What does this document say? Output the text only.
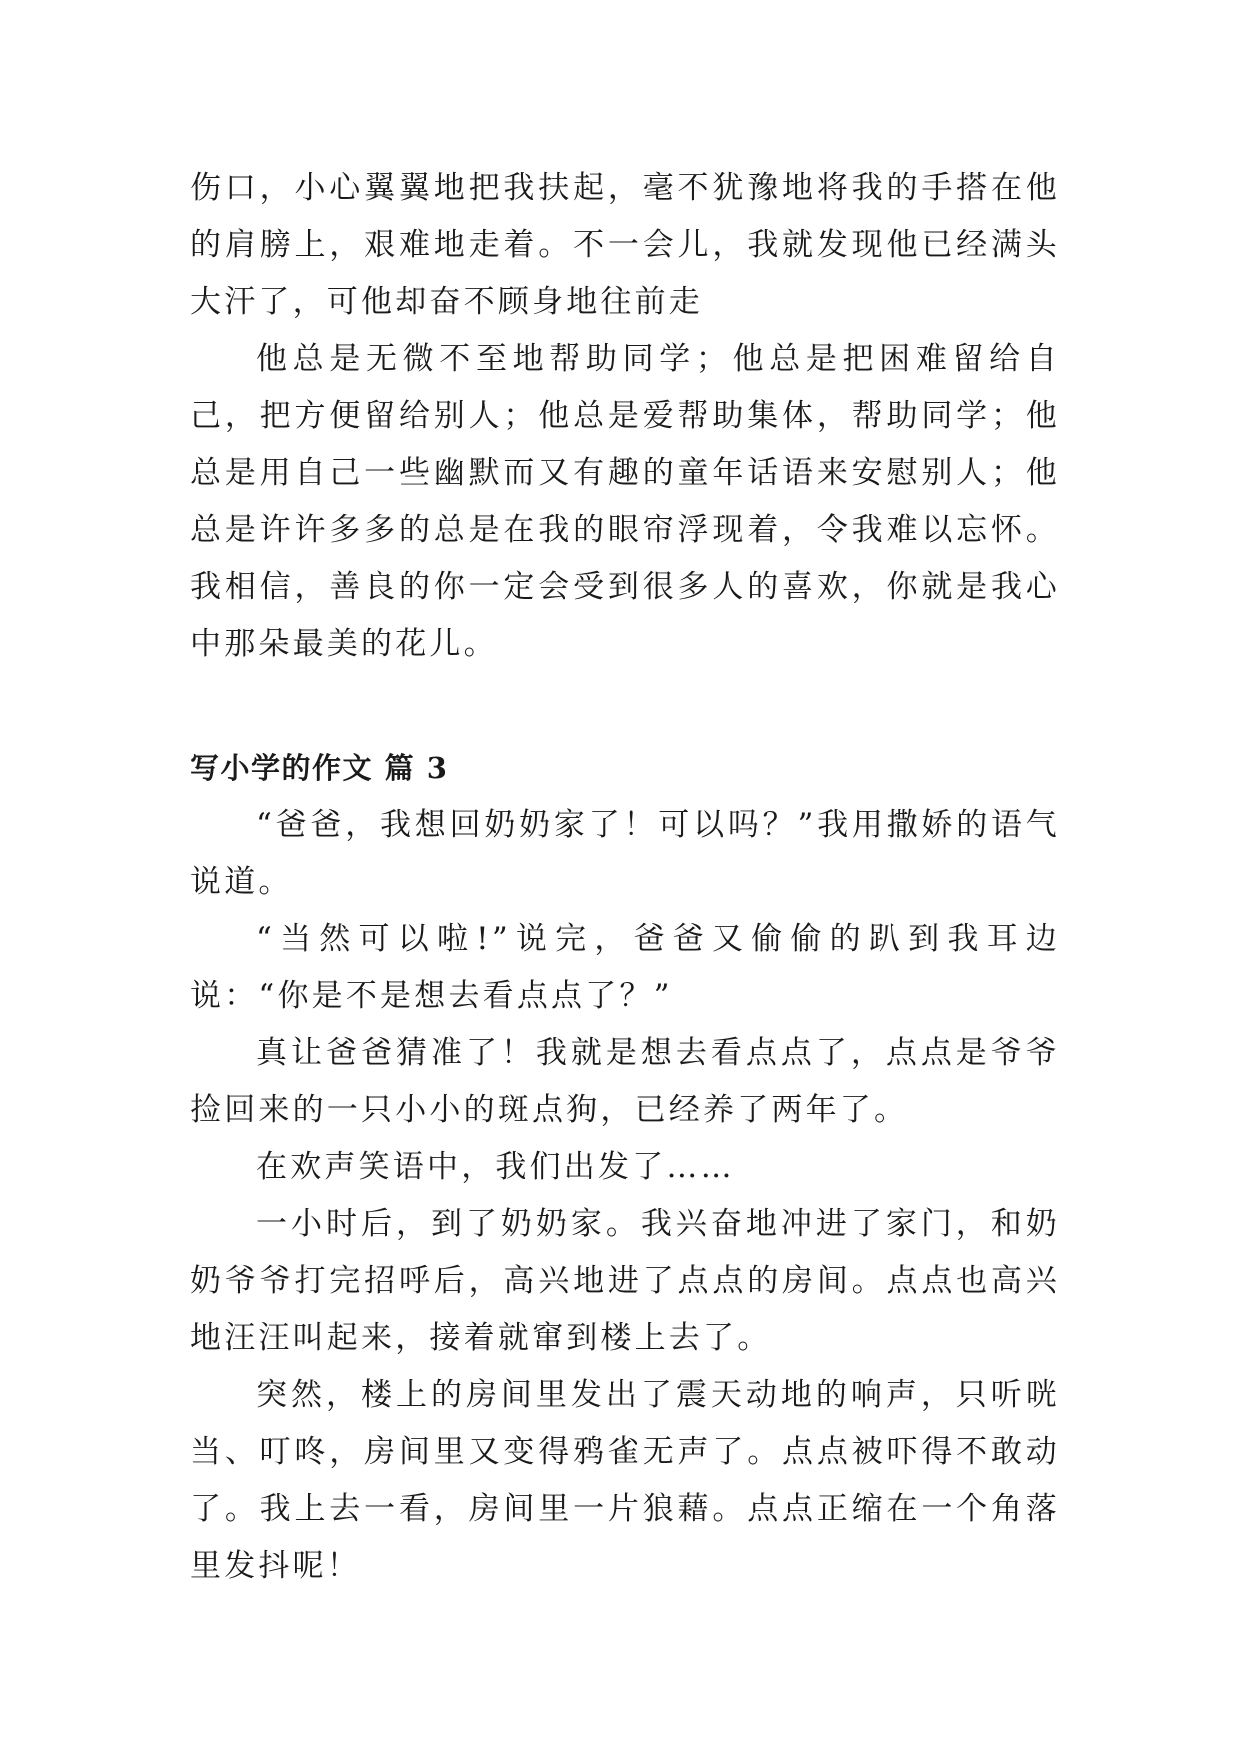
伤口，小心翼翼地把我扶起，毫不犹豫地将我的手搭在他的肩膀上，艰难地走着。不一会儿，我就发现他已经满头大汗了，可他却奋不顾身地往前走

他总是无微不至地帮助同学；他总是把困难留给自己，把方便留给别人；他总是爱帮助集体，帮助同学；他总是用自己一些幽默而又有趣的童年话语来安慰别人；他总是许许多多的总是在我的眼帘浮现着，令我难以忘怀。我相信，善良的你一定会受到很多人的喜欢，你就是我心中那朵最美的花儿。

写小学的作文 篇 3

“爸爸，我想回奶奶家了！可以吗？”我用撒娇的语气说道。

“当然可以啦!”说完，爸爸又偷偷的趴到我耳边说：“你是不是想去看点点了？”

真让爸爸猜准了！我就是想去看点点了，点点是爷爷捡回来的一只小小的斑点狗，已经养了两年了。

在欢声笑语中，我们出发了……

一小时后，到了奶奶家。我兴奋地冲进了家门，和奶奶爷爷打完招呼后，高兴地进了点点的房间。点点也高兴地汪汪叫起来，接着就窜到楼上去了。

突然，楼上的房间里发出了震天动地的响声，只听咣当、叮咚，房间里又变得鸦雀无声了。点点被吓得不敢动了。我上去一看，房间里一片狼藉。点点正缩在一个角落里发抖呢！
